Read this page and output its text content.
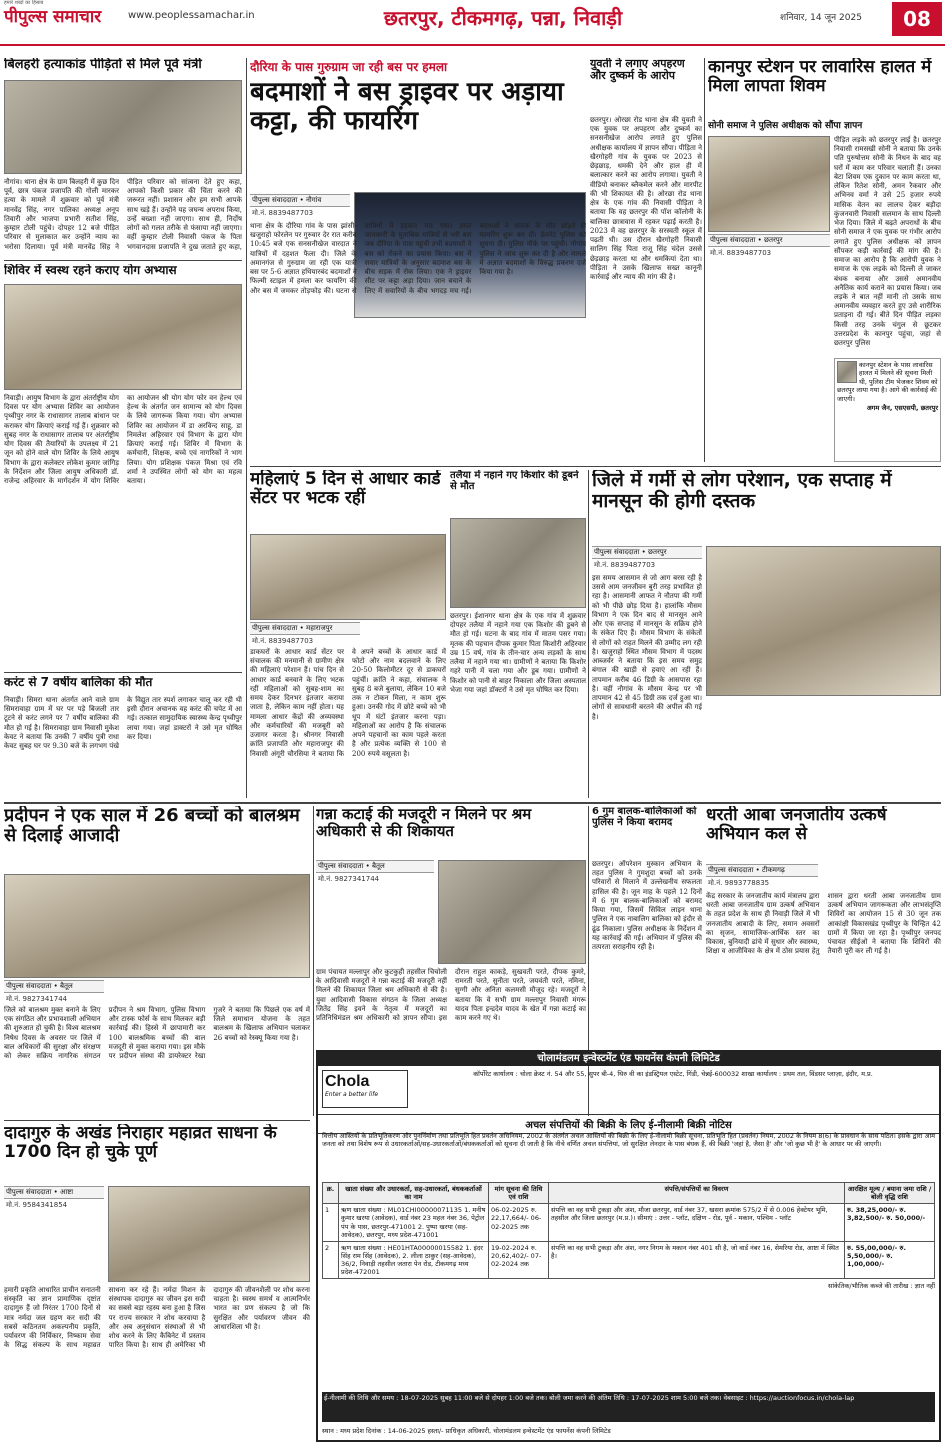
पीपुल्स समाचार
हमारे शब्दों का हिसाब
www.peoplessamachar.in	छतरपुर, टीकमगढ़, पन्ना, निवाड़ी	शनिवार, 14 जून 2025	08
बिलहरी हत्याकांड पीड़ितों से मिले पूर्व मंत्री
नौगांव। थाना क्षेत्र के ग्राम बिलहरी में कुछ दिन पूर्व, छात्र पंकज प्रजापति की गोली मारकर हत्या के मामले में शुक्रवार को पूर्व मंत्री मानवेंद्र सिंह, नगर पालिका अध्यक्ष अनूप तिवारी और भाजपा प्रभारी सतीश सिंह, कुम्हार टोली पहुंचे। दोपहर 12 बजे पीड़ित परिवार से मुलाकात कर उन्होंने न्याय का भरोसा दिलाया। पूर्व मंत्री मानवेंद्र सिंह ने पीड़ित परिवार को सांत्वना देते हुए कहा, आपको किसी प्रकार की चिंता करने की जरूरत नहीं। प्रशासन और हम सभी आपके साथ खड़े हैं। उन्होंने यह जघन्य अपराध किया, उन्हें बख्शा नहीं जाएगा। साथ ही, निर्दोष लोगों को गलत तरीके से फंसाया नहीं जाएगा। वहीं कुम्हार टोली निवासी पंकज के पिता भगवानदास प्रजापति ने दुख जताते हुए कहा,
शिविर में स्वस्थ रहने कराए योग अभ्यास
निवाड़ी। आयुष विभाग के द्वारा अंतर्राष्ट्रीय योग दिवस पर योग अभ्यास शिविर का आयोजन पृथ्वीपुर नगर के राधासागर तालाब बांधान पर कराकर योग क्रियाएं कराई गई हैं। शुक्रवार को सुबह नगर के राधासागर तालाब पर अंतर्राष्ट्रीय योग दिवस की तैयारियों के उपलक्ष्य में 21 जून को होने वाले योग शिविर के लिये आयुष विभाग के द्वारा कलेक्टर लोकेश कुमार जांगिड़ के निर्देशन और जिला आयुष अधिकारी डॉ. राजेन्द्र अहिरवार के मार्गदर्शन में योग शिविर का आयोजन श्री योग योग फोर वन हेल्थ एवं हेल्थ के अंतर्गत जन सामान्य को योग दिवस के लिये जागरूक किया गया। योग अभ्यास शिविर का आयोजन में डा अरविन्द साहू, डा निमलेश अहिरवार एवं विभाग के द्वारा योग क्रियाएं कराई गई। शिविर में विभाग के कर्मचारी, शिक्षक, बच्चे एवं नागरिकों ने भाग लिया। योग प्रशिक्षक पंकज मिश्रा एवं रवि शर्मा ने उपस्थित लोगों को योग का महत्व बताया।
करंट से 7 वर्षीय बालिका की मौत
निवाड़ी। सिमरा थाना अंतर्गत आने वाले ग्राम सिमरावाहा ग्राम में घर पर पड़े बिजली तार टूटने से करंट लगने पर 7 वर्षीय बालिका की मौत हो गई है। सिमरावाहा ग्राम निवासी मुकेश केवट ने बताया कि उनकी 7 वर्षीय पुत्री राधा केवट सुबह घर पर 9.30 बजे के लगभग पंखे के विद्युत तार स्पर्श लगाकर चालू कर रही थी इसी दौरान अचानक वह करंट की चपेट में आ गई। तत्काल सामुदायिक स्वास्थ्य केन्द्र पृथ्वीपुर लाया गया। जहां डाक्टरों ने उसे मृत घोषित कर दिया।
दौरिया के पास गुरुग्राम जा रही बस पर हमला
बदमाशों ने बस ड्राइवर पर अड़ाया कट्टा, की फायरिंग
पीपुल्स संवाददाता • नौगांव
मो.नं. 8839487703
थाना क्षेत्र के दौरिया गांव के पास झांसी-खजुराहो फोरलेन पर गुरुवार देर रात करीब 10:45 बजे एक सनसनीखेज वारदात ने यात्रियों में दहशत फैला दी। जिले के अमानगंज से गुरुग्राम जा रही एक यात्री बस पर 5-6 अज्ञात हथियारबंद बदमाशों ने फिल्मी स्टाइल में हमला कर फायरिंग की और बस में जमकर तोड़फोड़ की। घटना से यात्रियों में हड़कंप मच गया। प्राप्त जानकारी के मुताबिक यात्रियों से भरी बस जब दौरिया के पास पहुंची तभी बदमाशों ने बस को रोकने का प्रयास किया। बस में सवार यात्रियों के अनुसार बदमाश बस के बीच सड़क में रोक लिया। एक ने ड्राइवर सीट पर कट्टा अड़ा दिया। जान बचाने के लिए में सवारियों के बीच भगदड़ मच गई। बदमाशों ने चालक के सीट छोड़ते ही फायरिंग शुरू कर दी। डेलनेट पुलिस को सूचना दी। पुलिस मौके पर पहुंची। नौगांव पुलिस ने जांच शुरू कर दी है और मामले में अज्ञात बदमाशों के विरुद्ध प्रकरण दर्ज किया गया है।
युवती ने लगाए अपहरण और दुष्कर्म के आरोप
छतरपुर। ओरछा रोड थाना क्षेत्र की युवती ने एक युवक पर अपहरण और दुष्कर्म का सनसनीखेज आरोप लगाते हुए पुलिस अधीक्षक कार्यालय में ज्ञापन सौंपा। पीड़िता ने खैरगोहरी गांव के युवक पर 2023 से छेड़छाड़, धमकी देने और हाल ही में बलात्कार करने का आरोप लगाया। युवती ने वीडियो बनाकर ब्लैकमेल करने और मारपीट की भी शिकायत की है। ओरछा रोड थाना क्षेत्र के एक गांव की निवासी पीड़िता ने बताया कि वह छतरपुर की पॉश कॉलोनी के बालिका छात्रावास में रहकर पढ़ाई करती है। 2023 में वह छतरपुर के सरस्वती स्कूल में पढ़ती थी। उस दौरान खैरगोहरी निवासी सालिग सिंह पिता राजू सिंह चंदेल उससे छेड़छाड़ करता था और धमकियां देता था। पीड़िता ने उसके खिलाफ सख्त कानूनी कार्रवाई और न्याय की मांग की है।
कानपुर स्टेशन पर लावारिस हालत में मिला लापता शिवम
सोनी समाज ने पुलिस अधीक्षक को सौंपा ज्ञापन
पीपुल्स संवाददाता • छतरपुर
मो.नं. 8839487703
पीड़ित लड़के को छतरपुर लाई है। छतरपुर निवासी रामसखी सोनी ने बताया कि उनके पति पुरुषोत्तम सोनी के निधन के बाद वह घरों में काम कर परिवार चलाती हैं। उनका बेटा शिवम एक दुकान पर काम करता था, लेकिन रितेश सोनी, अमन रैकवार और अभिनव वर्मा ने उसे 25 हजार रुपये मासिक वेतन का लालच देकर बड़ौदा कुंजनवारी निवासी सलमान के साथ दिल्ली भेज दिया। जिले में बढ़ते अपराधों के बीच सोनी समाज ने एक युवक पर गंभीर आरोप लगाते हुए पुलिस अधीक्षक को ज्ञापन सौंपकर कड़ी कार्रवाई की मांग की है। समाज का आरोप है कि आरोपी युवक ने समाज के एक लड़के को दिल्ली ले जाकर बंधक बनाया और उससे अमानवीय अनैतिक कार्य कराने का प्रयास किया। जब लड़के ने बात नहीं मानी तो उसके साथ अमानवीय व्यवहार करते हुए उसे शारीरिक प्रताड़ना दी गई। बीते दिन पीड़ित लड़का किसी तरह उनके चंगुल से छूटकर उत्तरप्रदेश के कानपुर पहुंचा, जहां से छतरपुर पुलिस
कानपुर स्टेशन के पास लावारिस हालत में मिलने की सूचना मिली थी, पुलिस टीम भेजकर शिवम को छतरपुर लाया गया है। आगे की कार्रवाई की जाएगी।
अगम जैन, एसएसपी, छतरपुर
महिलाएं 5 दिन से आधार कार्ड सेंटर पर भटक रहीं
पीपुल्स संवाददाता • महाराजपुर
मो.नं. 8839487703
डाकघरों के आधार कार्ड सेंटर पर संचालक की मनमानी से ग्रामीण क्षेत्र की महिलाएं परेशान हैं। पांच दिन से आधार कार्ड बनवाने के लिए भटक रहीं महिलाओं को सुबह-शाम का समय देकर दिनभर इंतजार कराया जाता है, लेकिन काम नहीं होता। यह मामला आधार केंद्रों की अव्यवस्था और कर्मचारियों की मजबूरी को उजागर करता है। श्रीनगर निवासी क्रांति प्रजापति और महाराजपुर की निवासी अंगूरी चौरसिया ने बताया कि वे अपने बच्चों के आधार कार्ड में फोटो और नाम बदलवाने के लिए 20-50 किलोमीटर दूर से डाकघरों पहुंचीं। क्रांति ने कहा, संचालक ने सुबह 8 बजे बुलाया, लेकिन 10 बजे तक न टोकन मिला, न काम शुरू हुआ। उनकी गोद में छोटे बच्चे को भी धूप में घंटों इंतजार करना पड़ा। महिलाओं का आरोप है कि संचालक अपने पहचानों का काम पहले करता है और प्रत्येक व्यक्ति से 100 से 200 रुपये वसूलता है।
तलैया में नहाने गए किशोर की डूबने से मौत
छतरपुर। ईशानगर थाना क्षेत्र के एक गांव में शुक्रवार दोपहर तलैया में नहाने गया एक किशोर की डूबने से मौत हो गई। घटना के बाद गांव में मातम पसर गया। मृतक की पहचान दीपक कुमार पिता किशोरी अहिरवार उम्र 15 वर्ष, गांव के तीन-चार अन्य लड़कों के साथ तलैया में नहाने गया था। ग्रामीणों ने बताया कि किशोर गहरे पानी में चला गया और डूब गया। ग्रामीणों ने किशोर को पानी से बाहर निकाला और जिला अस्पताल भेजा गया जहां डॉक्टरों ने उसे मृत घोषित कर दिया।
जिले में गर्मी से लोग परेशान, एक सप्ताह में मानसून की होगी दस्तक
पीपुल्स संवाददाता • छतरपुर
मो.नं. 8839487703
इस समय आसमान से जो आग बरस रही है उससे आम जनजीवन बुरी तरह प्रभावित हो रहा है। आसमानी आफत ने नौतपा की गर्मी को भी पीछे छोड़ दिया है। हालांकि मौसम विभाग ने एक दिन बाद से मानसून आने और एक सप्ताह में मानसून के सक्रिय होने के संकेत दिए हैं। मौसम विभाग के संकेतों से लोगों को राहत मिलने की उम्मीद लग रही है। खजुराहो स्थित मौसम विभाग में पदस्थ आब्जर्वर ने बताया कि इस समय समुद्र बंगाल की खाड़ी से हवाएं आ रही हैं। तापमान करीब 46 डिग्री के आसपास रहा है। वहीं नौगांव के मौसम केन्द्र पर भी तापमान 42 से 45 डिग्री तक दर्ज हुआ था। लोगों से सावधानी बरतने की अपील की गई है।
प्रदीपन ने एक साल में 26 बच्चों को बालश्रम से दिलाई आजादी
पीपुल्स संवाददाता • बैतूल
मो.नं. 9827341744
जिले को बालश्रम मुक्त बनाने के लिए एक संगठित और प्रभावशाली अभियान की शुरुआत हो चुकी है। विश्व बालश्रम निषेध दिवस के अवसर पर जिले में बाल अधिकारों की सुरक्षा और संरक्षण को लेकर सक्रिय नागरिक संगठन प्रदीपन ने श्रम विभाग, पुलिस विभाग और टास्क फोर्स के साथ मिलकर बड़ी कार्रवाई की। हिस्से में छापामारी कर 100 बालश्रमिक बच्चों की बाल मजदूरी से मुक्त कराया गया। इस मौके पर प्रदीपन संस्था की डायरेक्टर रेखा गुजरे ने बताया कि पिछले एक वर्ष में जिले समाधान योजना के तहत बालश्रम के खिलाफ अभियान चलाकर 26 बच्चों को रेस्क्यू किया गया है।
गन्ना कटाई की मजदूरी न मिलने पर श्रम अधिकारी से की शिकायत
पीपुल्स संवाददाता • बैतूल
मो.नं. 9827341744
ग्राम पंचायत मल्लापुर और कुटकुही तहसील चिचोली के आदिवासी मजदूरों ने गन्ना कटाई की मजदूरी नहीं मिलने की शिकायत जिला श्रम अधिकारी से की है। युवा आदिवासी विकास संगठन के जिला अध्यक्ष जितेंद्र सिंह इवने के नेतृत्व में मजदूरों का प्रतिनिधिमंडल श्रम अधिकारी को ज्ञापन सौंपा। इस दौरान राहुल काकड़े, सुखवती परते, दीपक कुमरे, रामरती परते, सुनीता परते, जयवंती परते, नमिना, सुग्गी और अनिता कलमसी मौजूद रहे। मजदूरों ने बताया कि वे सभी ग्राम मल्लापुर निवासी मंगरू यादव पिता इन्द्रदेव यादव के खेत में गन्ना कटाई का काम करने गए थे।
6 गुम बालक-बालिकाओं को पुलिस ने किया बरामद
छतरपुर। ऑपरेशन मुस्कान अभियान के तहत पुलिस ने गुमशुदा बच्चों को उनके परिवारों से मिलाने में उल्लेखनीय सफलता हासिल की है। जून माह के पहले 12 दिनों में 6 गुम बालक-बालिकाओं को बरामद किया गया, जिसमें सिविल लाइन थाना पुलिस ने एक नाबालिग बालिका को इंदौर से ढूंढ निकाला। पुलिस अधीक्षक के निर्देशन में यह कार्रवाई की गई। अभियान में पुलिस की तत्परता सराहनीय रही है।
धरती आबा जनजातीय उत्कर्ष अभियान कल से
पीपुल्स संवाददाता • टीकमगढ़
मो.नं. 9893778835
केंद्र सरकार के जनजातीय कार्य मंत्रालय द्वारा धरती आबा जनजातीय ग्राम उत्कर्ष अभियान के तहत प्रदेश के साथ ही निवाड़ी जिले में भी जनजातीय आबादी के लिए, समान अवसरों का सृजन, सामाजिक-आर्थिक स्तर का विकास, बुनियादी ढांचे में सुधार और स्वास्थ्य, शिक्षा व आजीविका के क्षेत्र में ठोस प्रयास हेतु शासन द्वारा धरती आबा जनजातीय ग्राम उत्कर्ष अभियान जागरूकता और लाभसंतृप्ति शिविरों का आयोजन 15 से 30 जून तक आकांक्षी विकासखंड पृथ्वीपुर के चिन्हित 42 ग्रामों में किया जा रहा है। पृथ्वीपुर जनपद पंचायत सीईओ ने बताया कि शिविरों की तैयारी पूरी कर ली गई है।
दादागुरु के अखंड निराहार महाव्रत साधना के 1700 दिन हो चुके पूर्ण
पीपुल्स संवाददाता • आष्टा
मो.नं. 9584341854
हमारी प्रकृति आधारित प्राचीन सनातनी संस्कृति का ज्ञान प्रामाणिक दृष्टांत दादागुरु हैं जो निरंतर 1700 दिनों से मात्र नर्मदा जल ग्रहण कर सदी की सबसे कठिनतम अकल्पनीय प्रकृति, पर्यावरण की निर्विकार, निष्काम सेवा के सिद्ध संकल्प के साथ महाव्रत साधना कर रहे हैं। नर्मदा मिशन के संस्थापक दादागुरु का जीवन इस सदी का सबसे बड़ा रहस्य बना हुआ है जिस पर राज्य सरकार ने शोध करवाया है और अब अनुसंधान संस्थाओं से भी शोध करने के लिए कैबिनेट में प्रस्ताव पारित किया है। साथ ही अमेरिका भी दादागुरु की जीवनशैली पर शोध करना चाहता है। स्वस्थ समर्थ व आत्मनिर्भर भारत का प्रण संकल्प है जो कि सुरक्षित और पर्यावरण जीवन की आधारशिला भी है।
चोलामंडलम इन्वेस्टमेंट एंड फायनेंस कंपनी लिमिटेड
Chola
Enter a better life
कॉर्पोरेट कार्यालय : चोला क्रेस्ट नं. 54 और 55, सुपर बी-4, थिरु वी का इंडस्ट्रियल एस्टेट, गिंडी, चेन्नई-600032 शाखा कार्यालय : प्रथम तल, विंडसर प्लाज़ा, इंदौर, म.प्र.
अचल संपत्तियों की बिक्री के लिए ई-नीलामी बिक्री नोटिस
वित्तीय आस्तियों के प्रतिभूतिकरण और पुनर्निर्माण तथा प्रतिभूति हित प्रवर्तन अधिनियम, 2002 के अंतर्गत अचल आस्तियों की बिक्री के लिए ई-नीलामी बिक्री सूचना, प्रतिभूति हित (प्रवर्तन) नियम, 2002 के नियम 8(6) के प्रावधान के साथ पठित। इसके द्वारा आम जनता को तथा विशेष रूप से उधारकर्ताओं/सह-उधारकर्ताओं/बंधककर्ताओं को सूचना दी जाती है कि नीचे वर्णित अचल संपत्तियां, जो सुरक्षित लेनदार के पास बंधक हैं, की बिक्री 'जहां है, जैसा है' और 'जो कुछ भी है' के आधार पर की जाएगी।
क्र.	खाता संख्या और उधारकर्ता, सह-उधारकर्ता, बंधककर्ताओं का नाम	मांग सूचना की तिथि एवं राशि	संपत्ति/संपत्तियों का विवरण	आरक्षित मूल्य / बयाना जमा राशि / बोली वृद्धि राशि
1	ऋण खाता संख्या : ML01CHI00000071135 1. मनीष कुमार खरया (आवेदक), वार्ड नंबर 23 महल नंबर 36, पेट्रोल पंप के पास, छतरपुर-471001 2. पुष्पा खरया (सह-आवेदक), छतरपुर, मध्य प्रदेश-471001	06-02-2025 रु. 22,17,664/- 06-02-2025 तक	संपत्ति का वह सभी टुकड़ा और अंश, मौजा छतरपुर, वार्ड नंबर 37, खसरा क्रमांक 575/2 में से 0.006 हेक्टेयर भूमि, तहसील और जिला छतरपुर (म.प्र.)। सीमाएं : उत्तर - प्लॉट, दक्षिण - रोड, पूर्व - मकान, पश्चिम - प्लॉट	रु. 38,25,000/- रु. 3,82,500/- रु. 50,000/-
2	ऋण खाता संख्या : HE01HTA00000015582 1. इंदर सिंह राम सिंह (आवेदक), 2. लीला ठाकुर (सह-आवेदक), 36/2, निवाड़ी तहसील जतारा पेन रोड, टीकमगढ़ मध्य प्रदेश-472001	19-02-2024 रु. 20,62,402/- 07-02-2024 तक	संपत्ति का वह सभी टुकड़ा और अंश, नगर निगम के मकान नंबर 401 सी है, जो वार्ड नंबर 16, सेमरिया रोड, आष्टा में स्थित है।	रु. 55,00,000/- रु. 5,50,000/- रु. 1,00,000/-
सांकेतिक/भौतिक कब्जे की तारीख : ज्ञात नहीं
ई-नीलामी की तिथि और समय : 18-07-2025 सुबह 11:00 बजे से दोपहर 1:00 बजे तक। बोली जमा करने की अंतिम तिथि : 17-07-2025 शाम 5:00 बजे तक। वेबसाइट : https://auctionfocus.in/chola-lap
स्थान : मध्य प्रदेश दिनांक : 14-06-2025 हस्ता/- प्राधिकृत अधिकारी, चोलामंडलम इन्वेस्टमेंट एंड फायनेंस कंपनी लिमिटेड
